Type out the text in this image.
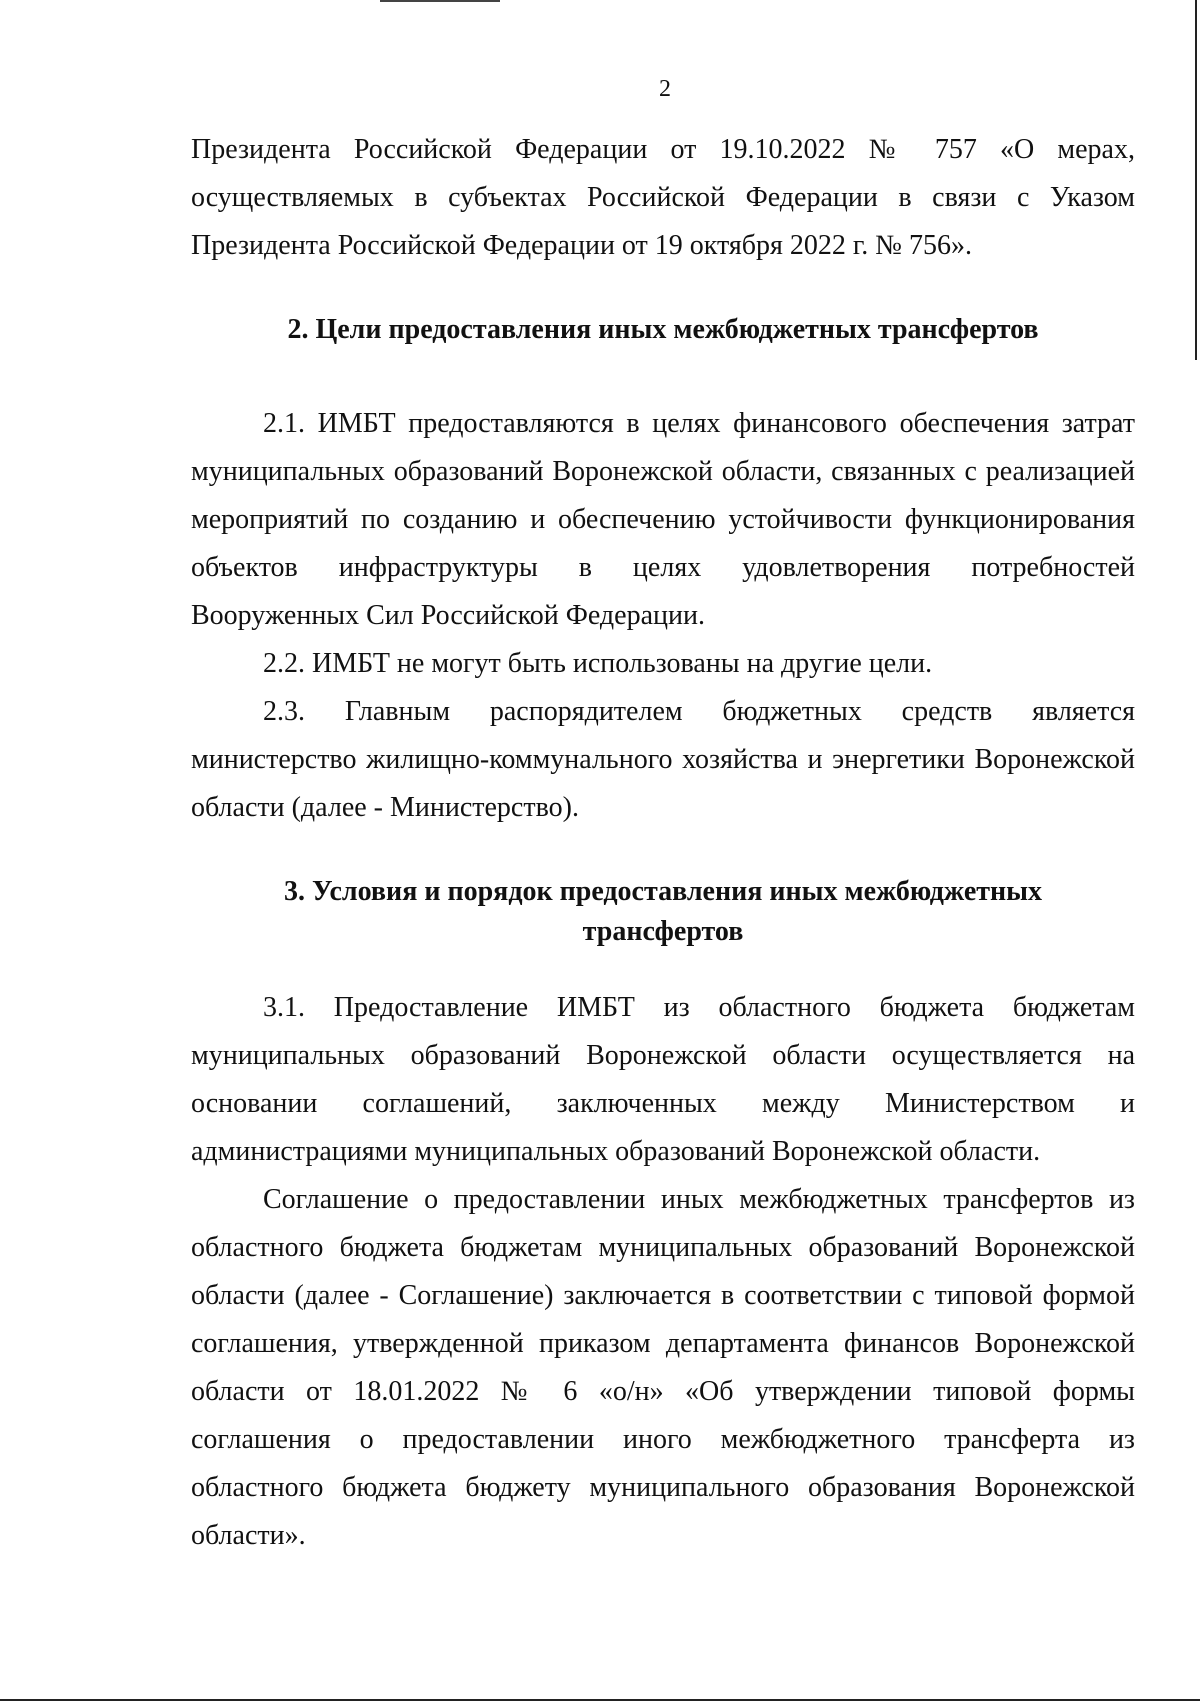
2

Президента Российской Федерации от 19.10.2022 № 757 «О мерах, осуществляемых в субъектах Российской Федерации в связи с Указом Президента Российской Федерации от 19 октября 2022 г. № 756».

2. Цели предоставления иных межбюджетных трансфертов

2.1. ИМБТ предоставляются в целях финансового обеспечения затрат муниципальных образований Воронежской области, связанных с реализацией мероприятий по созданию и обеспечению устойчивости функционирования объектов инфраструктуры в целях удовлетворения потребностей Вооруженных Сил Российской Федерации.

2.2. ИМБТ не могут быть использованы на другие цели.

2.3. Главным распорядителем бюджетных средств является министерство жилищно-коммунального хозяйства и энергетики Воронежской области (далее - Министерство).

3. Условия и порядок предоставления иных межбюджетных
трансфертов

3.1. Предоставление ИМБТ из областного бюджета бюджетам муниципальных образований Воронежской области осуществляется на основании соглашений, заключенных между Министерством и администрациями муниципальных образований Воронежской области.

Соглашение о предоставлении иных межбюджетных трансфертов из областного бюджета бюджетам муниципальных образований Воронежской области (далее - Соглашение) заключается в соответствии с типовой формой соглашения, утвержденной приказом департамента финансов Воронежской области от 18.01.2022 № 6 «о/н» «Об утверждении типовой формы соглашения о предоставлении иного межбюджетного трансферта из областного бюджета бюджету муниципального образования Воронежской области».
